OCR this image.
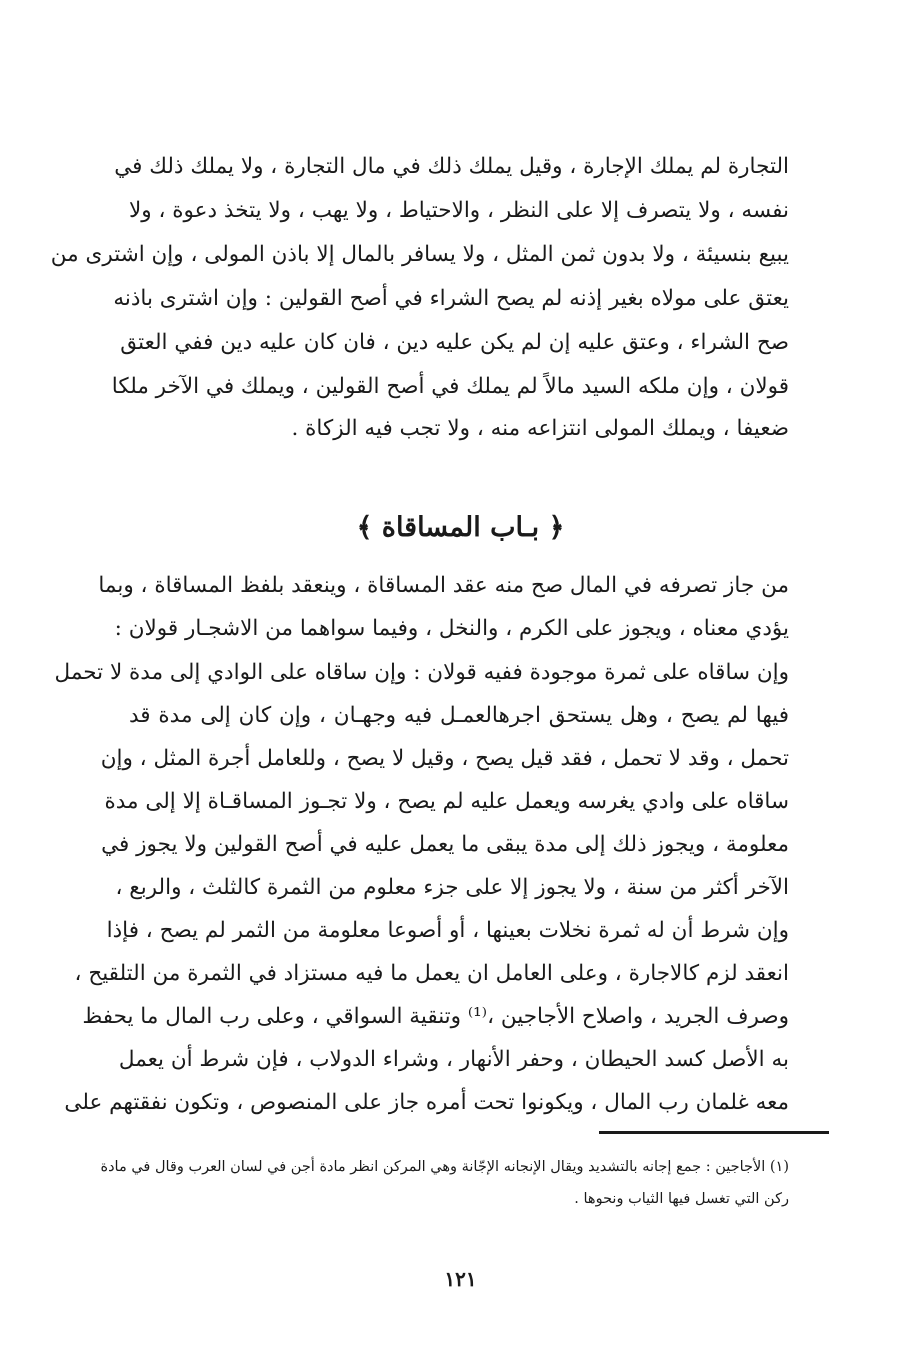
التجارة لم يملك الإجارة ، وقيل يملك ذلك في مال التجارة ، ولا يملك ذلك في
نفسه ، ولا يتصرف إلا على النظر ، والاحتياط ، ولا يهب ، ولا يتخذ دعوة ، ولا
يبيع بنسيئة ، ولا بدون ثمن المثل ، ولا يسافر بالمال إلا باذن المولى ، وإن اشترى من
يعتق على مولاه بغير إذنه لم يصح الشراء في أصح القولين : وإن اشترى باذنه
صح الشراء ، وعتق عليه إن لم يكن عليه دين ، فان كان عليه دين ففي العتق
قولان ، وإن ملكه السيد مالاً لم يملك في أصح القولين ، ويملك في الآخر ملكا
ضعيفا ، ويملك المولى انتزاعه منه ، ولا تجب فيه الزكاة .
﴿ بـاب المساقاة ﴾
من جاز تصرفه في المال صح منه عقد المساقاة ، وينعقد بلفظ المساقاة ، وبما
يؤدي معناه ، ويجوز على الكرم ، والنخل ، وفيما سواهما من الاشجـار قولان :
وإن ساقاه على ثمرة موجودة ففيه قولان : وإن ساقاه على الوادي إلى مدة لا تحمل
فيها لم يصح ، وهل يستحق اجرهالعمـل فيه وجهـان ، وإن كان إلى مدة قد
تحمل ، وقد لا تحمل ، فقد قيل يصح ، وقيل لا يصح ، وللعامل أجرة المثل ، وإن
ساقاه على وادي يغرسه ويعمل عليه لم يصح ، ولا تجـوز المساقـاة إلا إلى مدة
معلومة ، ويجوز ذلك إلى مدة يبقى ما يعمل عليه في أصح القولين ولا يجوز في
الآخر أكثر من سنة ، ولا يجوز إلا على جزء معلوم من الثمرة كالثلث ، والربع ،
وإن شرط أن له ثمرة نخلات بعينها ، أو أصوعا معلومة من الثمر لم يصح ، فإذا
انعقد لزم كالاجارة ، وعلى العامل ان يعمل ما فيه مستزاد في الثمرة من التلقيح ،
وصرف الجريد ، واصلاح الأجاجين ،⁽¹⁾ وتنقية السواقي ، وعلى رب المال ما يحفظ
به الأصل كسد الحيطان ، وحفر الأنهار ، وشراء الدولاب ، فإن شرط أن يعمل
معه غلمان رب المال ، ويكونوا تحت أمره جاز على المنصوص ، وتكون نفقتهم على
(١) الأجاجين : جمع إجانه بالتشديد ويقال الإنجانه الإجّانة وهي المركن انظر مادة أجن في لسان العرب وقال في مادة
ركن التي تغسل فيها الثياب ونحوها .
١٢١
